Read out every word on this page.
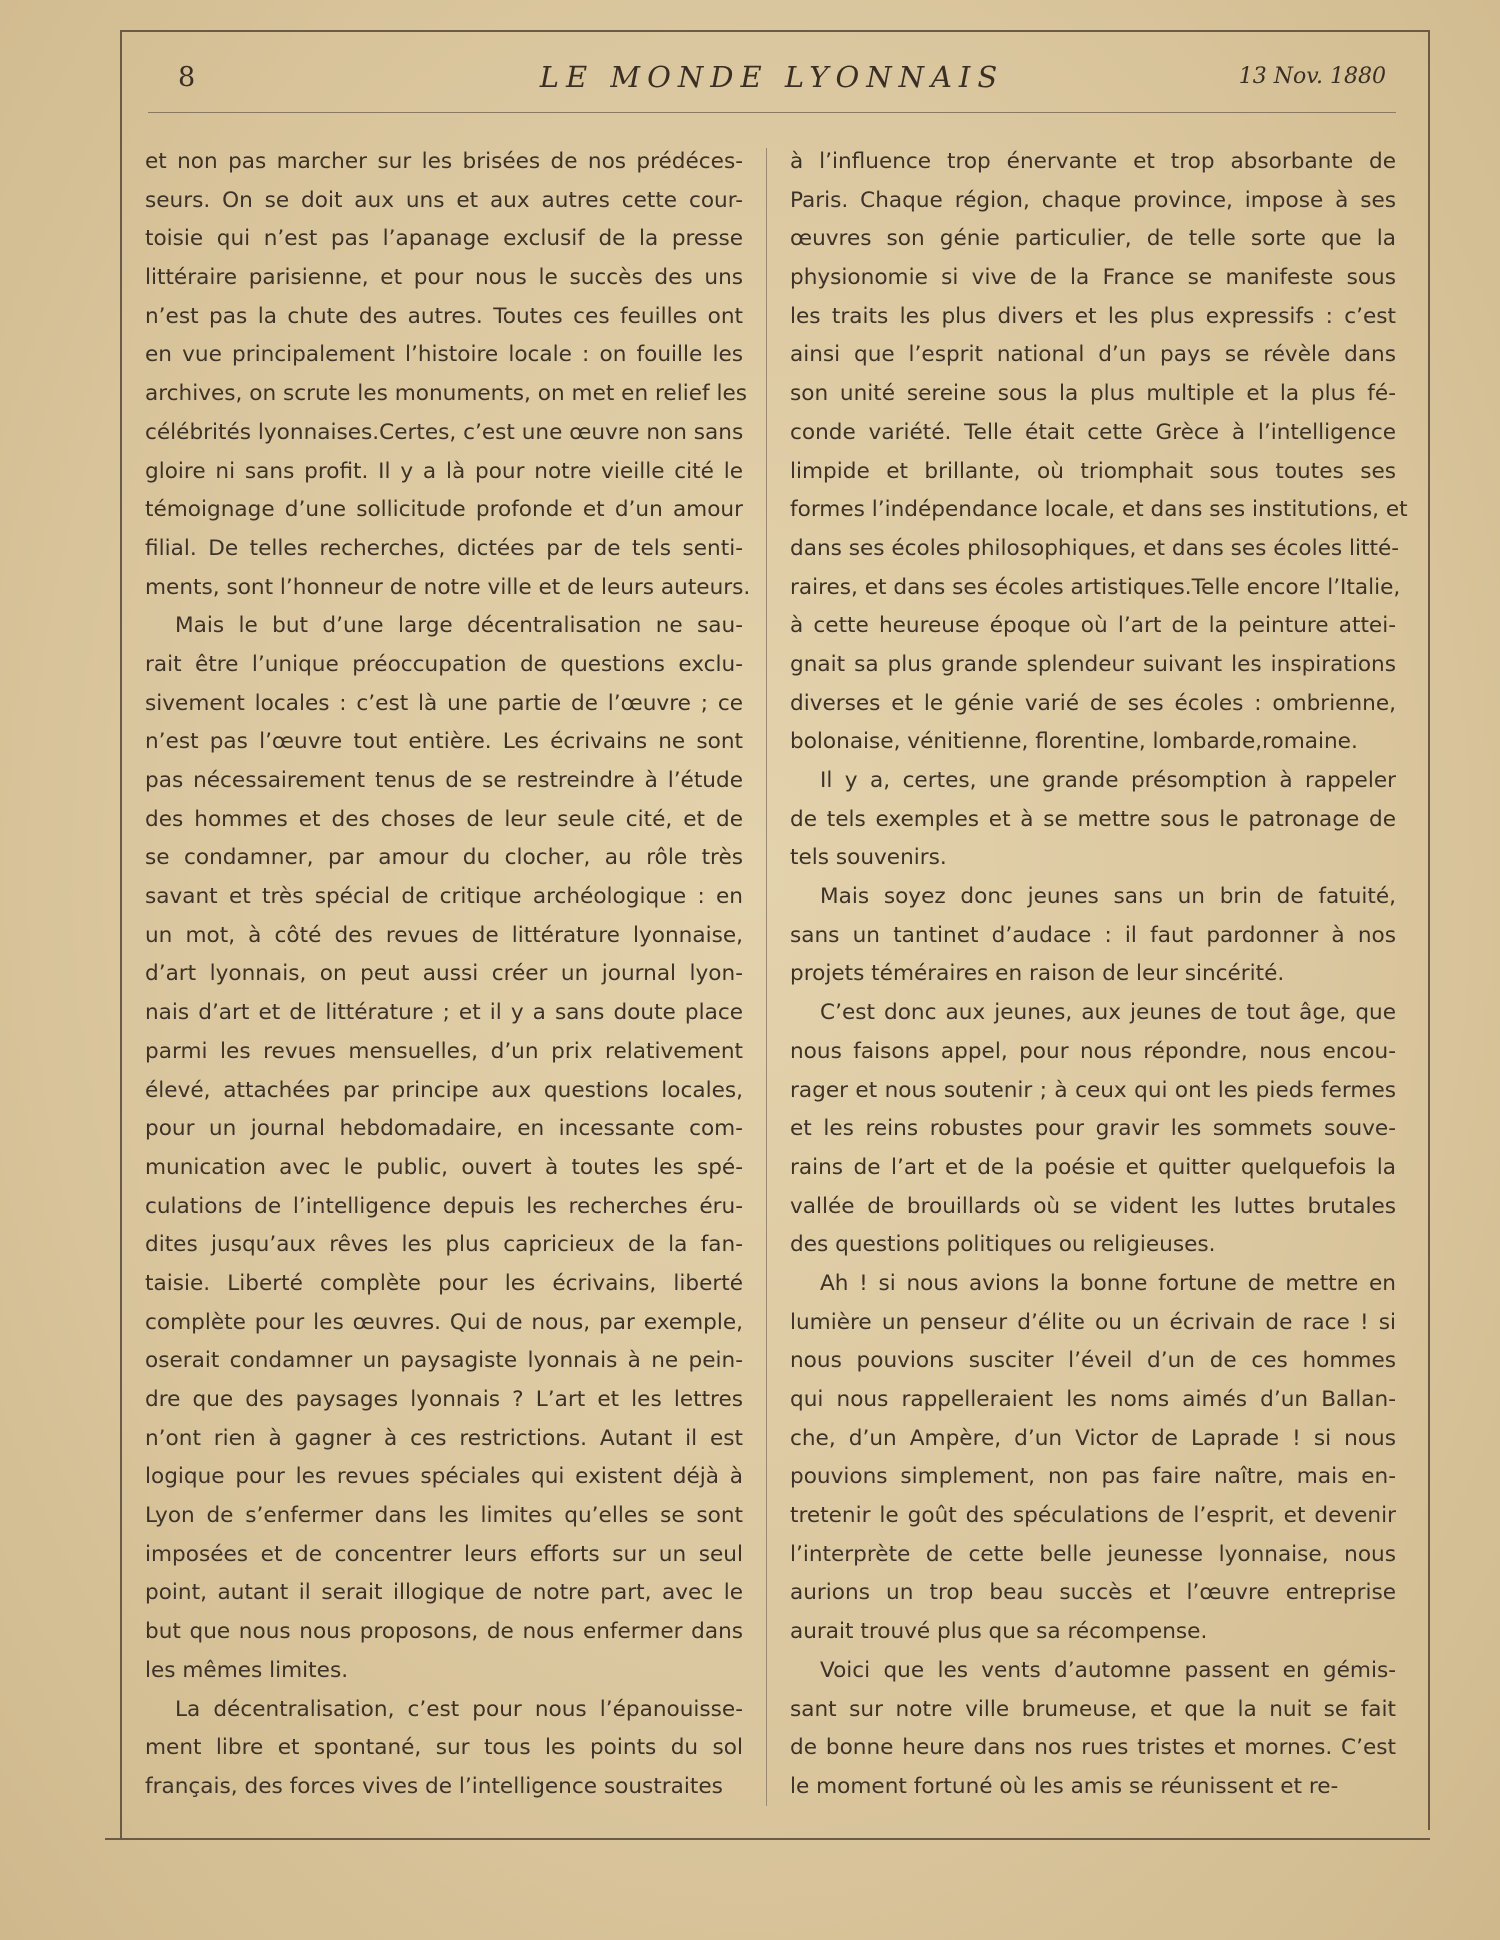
8	LE MONDE LYONNAIS	13 Nov. 1880
et non pas marcher sur les brisées de nos prédéces-
seurs. On se doit aux uns et aux autres cette cour-
toisie qui n’est pas l’apanage exclusif de la presse
littéraire parisienne, et pour nous le succès des uns
n’est pas la chute des autres. Toutes ces feuilles ont
en vue principalement l’histoire locale : on fouille les
archives, on scrute les monuments, on met en relief les
célébrités lyonnaises.Certes, c’est une œuvre non sans
gloire ni sans profit. Il y a là pour notre vieille cité le
témoignage d’une sollicitude profonde et d’un amour
filial. De telles recherches, dictées par de tels senti-
ments, sont l’honneur de notre ville et de leurs auteurs.
Mais le but d’une large décentralisation ne sau-
rait être l’unique préoccupation de questions exclu-
sivement locales : c’est là une partie de l’œuvre ; ce
n’est pas l’œuvre tout entière. Les écrivains ne sont
pas nécessairement tenus de se restreindre à l’étude
des hommes et des choses de leur seule cité, et de
se condamner, par amour du clocher, au rôle très
savant et très spécial de critique archéologique : en
un mot, à côté des revues de littérature lyonnaise,
d’art lyonnais, on peut aussi créer un journal lyon-
nais d’art et de littérature ; et il y a sans doute place
parmi les revues mensuelles, d’un prix relativement
élevé, attachées par principe aux questions locales,
pour un journal hebdomadaire, en incessante com-
munication avec le public, ouvert à toutes les spé-
culations de l’intelligence depuis les recherches éru-
dites jusqu’aux rêves les plus capricieux de la fan-
taisie. Liberté complète pour les écrivains, liberté
complète pour les œuvres. Qui de nous, par exemple,
oserait condamner un paysagiste lyonnais à ne pein-
dre que des paysages lyonnais ? L’art et les lettres
n’ont rien à gagner à ces restrictions. Autant il est
logique pour les revues spéciales qui existent déjà à
Lyon de s’enfermer dans les limites qu’elles se sont
imposées et de concentrer leurs efforts sur un seul
point, autant il serait illogique de notre part, avec le
but que nous nous proposons, de nous enfermer dans
les mêmes limites.
La décentralisation, c’est pour nous l’épanouisse-
ment libre et spontané, sur tous les points du sol
français, des forces vives de l’intelligence soustraites
à l’influence trop énervante et trop absorbante de
Paris. Chaque région, chaque province, impose à ses
œuvres son génie particulier, de telle sorte que la
physionomie si vive de la France se manifeste sous
les traits les plus divers et les plus expressifs : c’est
ainsi que l’esprit national d’un pays se révèle dans
son unité sereine sous la plus multiple et la plus fé-
conde variété. Telle était cette Grèce à l’intelligence
limpide et brillante, où triomphait sous toutes ses
formes l’indépendance locale, et dans ses institutions, et
dans ses écoles philosophiques, et dans ses écoles litté-
raires, et dans ses écoles artistiques.Telle encore l’Italie,
à cette heureuse époque où l’art de la peinture attei-
gnait sa plus grande splendeur suivant les inspirations
diverses et le génie varié de ses écoles : ombrienne,
bolonaise, vénitienne, florentine, lombarde,romaine.
Il y a, certes, une grande présomption à rappeler
de tels exemples et à se mettre sous le patronage de
tels souvenirs.
Mais soyez donc jeunes sans un brin de fatuité,
sans un tantinet d’audace : il faut pardonner à nos
projets téméraires en raison de leur sincérité.
C’est donc aux jeunes, aux jeunes de tout âge, que
nous faisons appel, pour nous répondre, nous encou-
rager et nous soutenir ; à ceux qui ont les pieds fermes
et les reins robustes pour gravir les sommets souve-
rains de l’art et de la poésie et quitter quelquefois la
vallée de brouillards où se vident les luttes brutales
des questions politiques ou religieuses.
Ah ! si nous avions la bonne fortune de mettre en
lumière un penseur d’élite ou un écrivain de race ! si
nous pouvions susciter l’éveil d’un de ces hommes
qui nous rappelleraient les noms aimés d’un Ballan-
che, d’un Ampère, d’un Victor de Laprade ! si nous
pouvions simplement, non pas faire naître, mais en-
tretenir le goût des spéculations de l’esprit, et devenir
l’interprète de cette belle jeunesse lyonnaise, nous
aurions un trop beau succès et l’œuvre entreprise
aurait trouvé plus que sa récompense.
Voici que les vents d’automne passent en gémis-
sant sur notre ville brumeuse, et que la nuit se fait
de bonne heure dans nos rues tristes et mornes. C’est
le moment fortuné où les amis se réunissent et re-
